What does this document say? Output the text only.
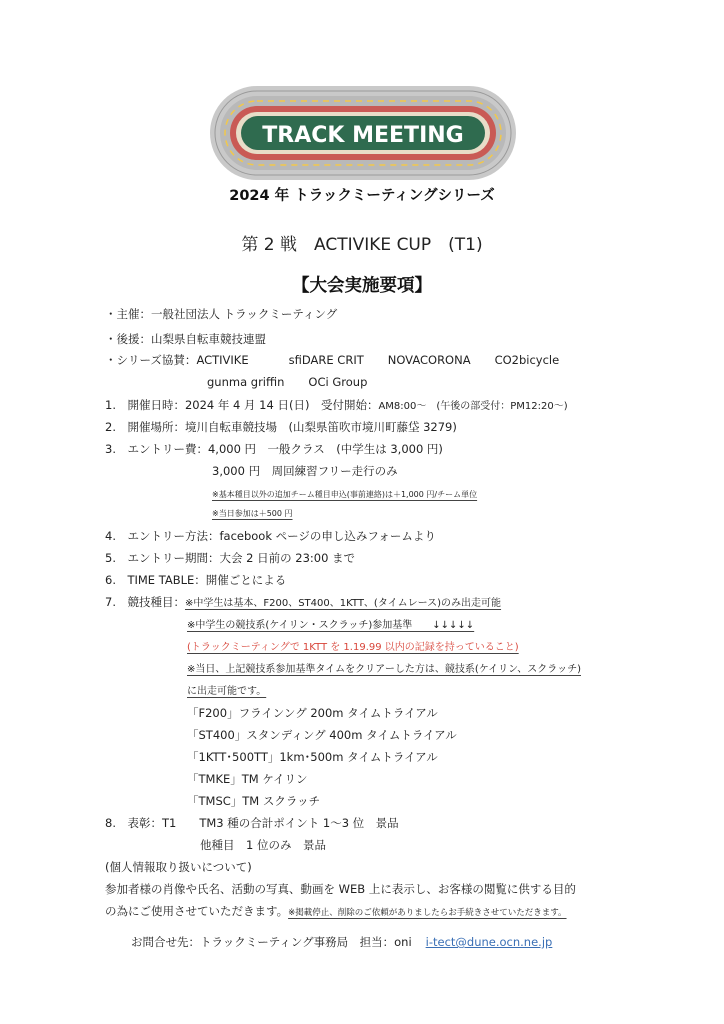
TRACK MEETING
2024 年 トラックミーティングシリーズ
第 2 戦　ACTIVIKE CUP　(T1)
【大会実施要項】
・主催：一般社団法人 トラックミーティング
・後援：山梨県自転車競技連盟
・シリーズ協賛：ACTIVIKE	sfiDARE CRIT NOVACORONA CO2bicycle
gunma griffin OCi Group
1.　開催日時：2024 年 4 月 14 日(日)　受付開始：AM8:00～　(午後の部受付：PM12:20～)
2.　開催場所：境川自転車競技場　(山梨県笛吹市境川町藤垈 3279)
3.　エントリー費：4,000 円　一般クラス　(中学生は 3,000 円)
3,000 円　周回練習フリー走行のみ
※基本種目以外の追加チーム種目申込(事前連絡)は＋1,000 円/チーム単位
※当日参加は＋500 円
4.　エントリー方法：facebook ページの申し込みフォームより
5.　エントリー期間：大会 2 日前の 23:00 まで
6.　TIME TABLE：開催ごとによる
7.　競技種目：※中学生は基本、F200、ST400、1KTT、(タイムレース)のみ出走可能
※中学生の競技系(ケイリン・スクラッチ)参加基準　　↓↓↓↓↓
(トラックミーティングで 1KTT を 1.19.99 以内の記録を持っていること)
※当日、上記競技系参加基準タイムをクリアーした方は、競技系(ケイリン、スクラッチ)
に出走可能です。
「F200」フラインング 200m タイムトライアル
「ST400」スタンディング 400m タイムトライアル
「1KTT･500TT」1km･500m タイムトライアル
「TMKE」TM ケイリン
「TMSC」TM スクラッチ
8.　表彰：T1　　TM3 種の合計ポイント 1～3 位　景品
他種目　1 位のみ　景品
(個人情報取り扱いについて)
参加者様の肖像や氏名、活動の写真、動画を WEB 上に表示し、お客様の閲覧に供する目的
の為にご使用させていただきます。※掲載停止、削除のご依頼がありましたらお手続きさせていただきます。
お問合せ先：トラックミーティング事務局　担当：oni i-tect@dune.ocn.ne.jp
